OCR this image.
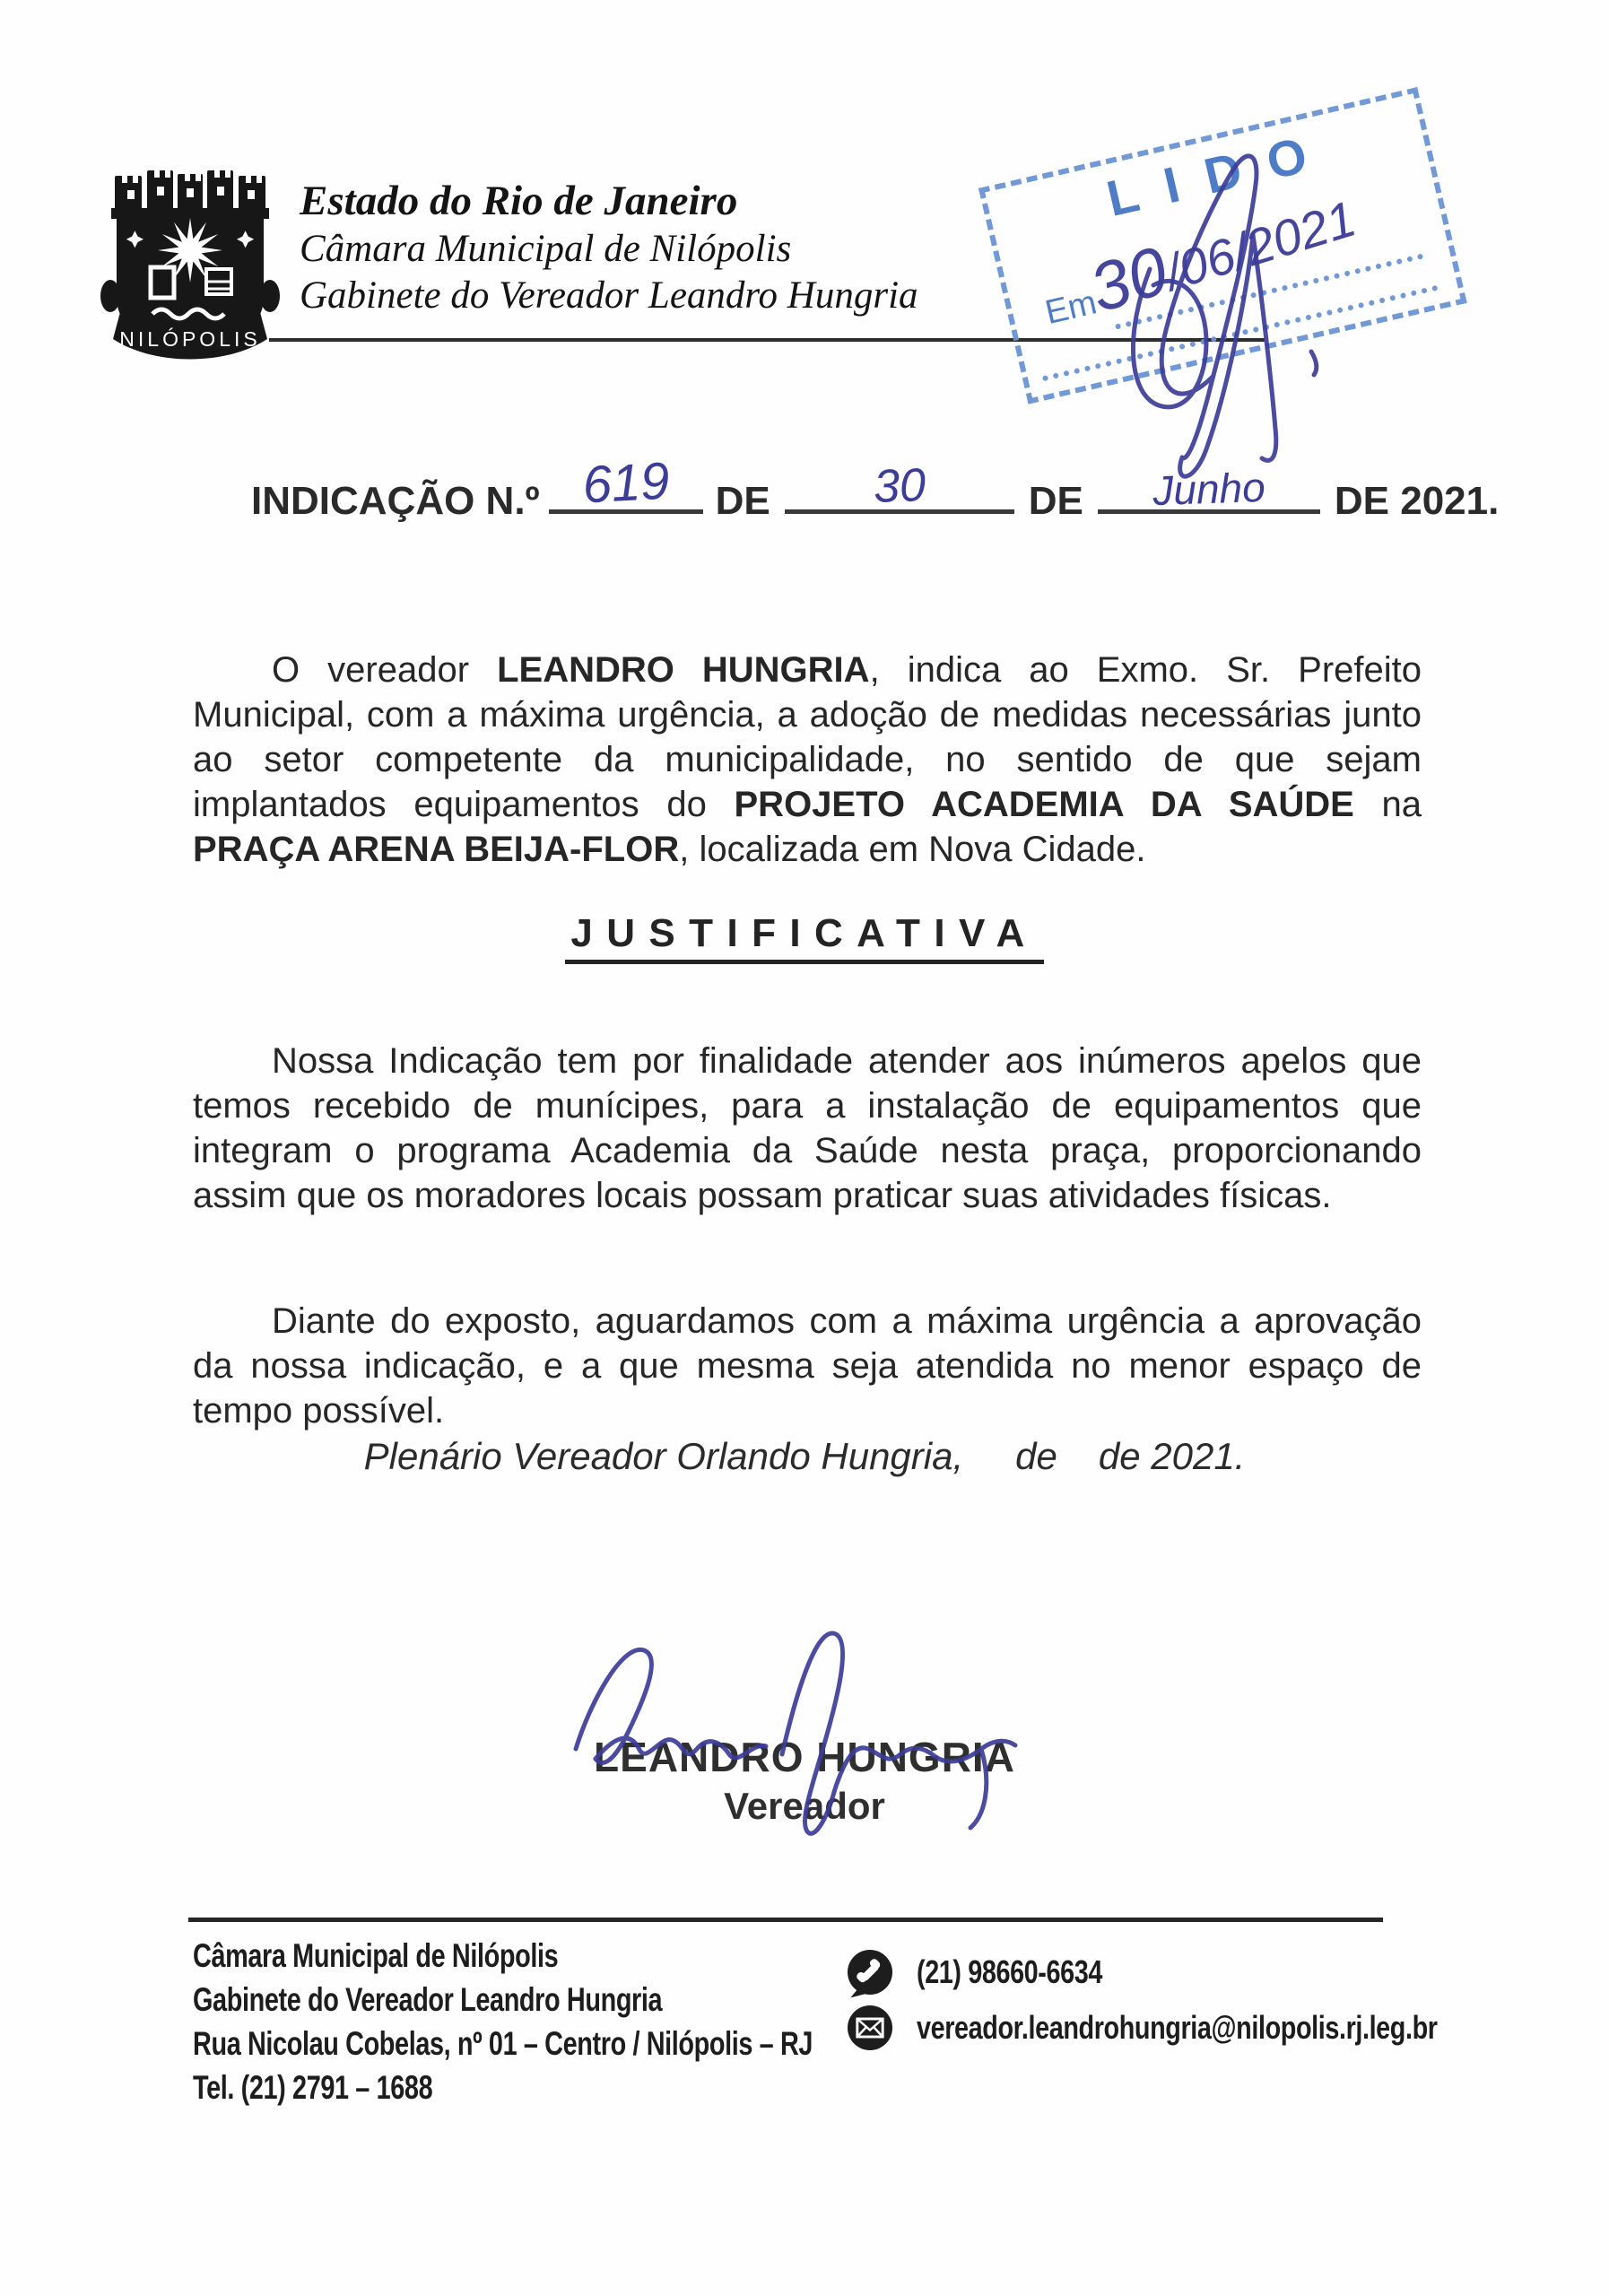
NILÓPOLIS
Estado do Rio de Janeiro
Câmara Municipal de Nilópolis
Gabinete do Vereador Leandro Hungria
LIDO
Em
30/06/2021
INDICAÇÃO N.º 619	DE	30	DE	Junho	DE 2021.
O vereador LEANDRO HUNGRIA, indica ao Exmo. Sr. Prefeito Municipal, com a máxima urgência, a adoção de medidas necessárias junto ao setor competente da municipalidade, no sentido de que sejam implantados equipamentos do PROJETO ACADEMIA DA SAÚDE na PRAÇA ARENA BEIJA-FLOR, localizada em Nova Cidade.
JUSTIFICATIVA
Nossa Indicação tem por finalidade atender aos inúmeros apelos que temos recebido de munícipes, para a instalação de equipamentos que integram o programa Academia da Saúde nesta praça, proporcionando assim que os moradores locais possam praticar suas atividades físicas.
Diante do exposto, aguardamos com a máxima urgência a aprovação da nossa indicação, e a que mesma seja atendida no menor espaço de tempo possível.
Plenário Vereador Orlando Hungria, de de 2021.
LEANDRO HUNGRIA
Vereador
Câmara Municipal de Nilópolis
Gabinete do Vereador Leandro Hungria
Rua Nicolau Cobelas, nº 01 – Centro / Nilópolis – RJ
Tel. (21) 2791 – 1688
(21) 98660-6634
vereador.leandrohungria@nilopolis.rj.leg.br
